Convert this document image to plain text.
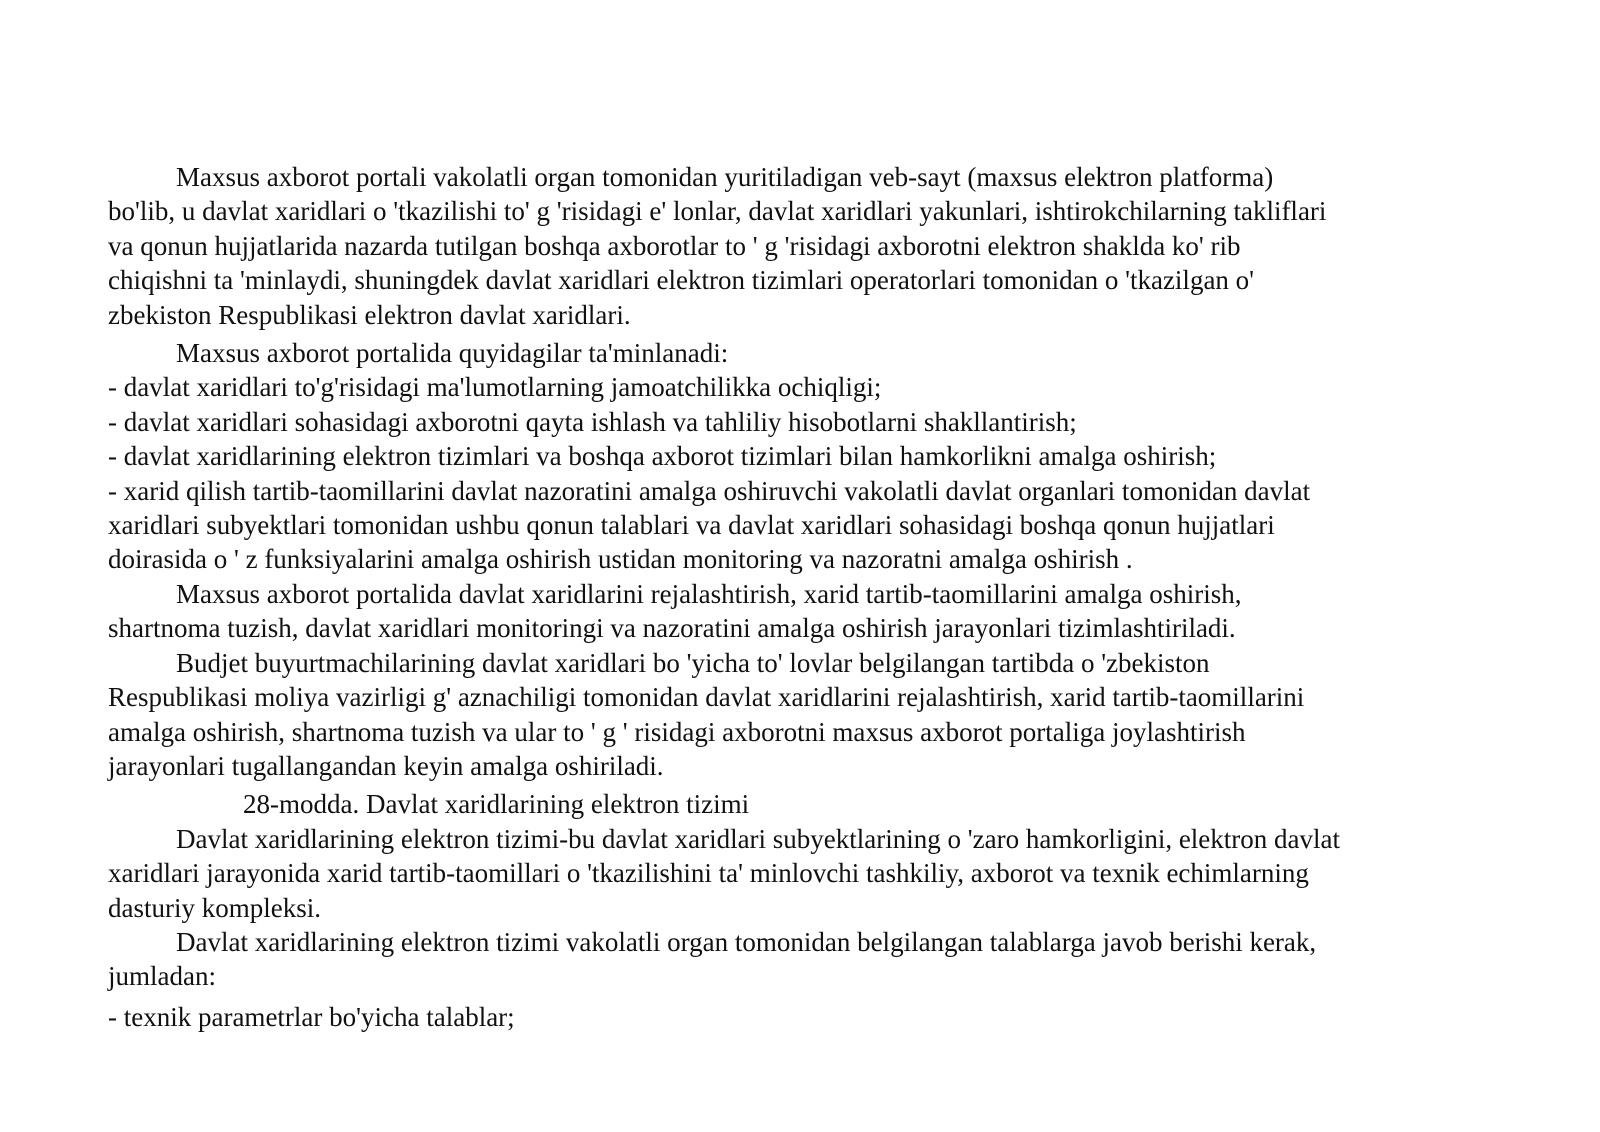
Maxsus axborot portali vakolatli organ tomonidan yuritiladigan veb-sayt (maxsus elektron platforma)
bo'lib, u davlat xaridlari o 'tkazilishi to' g 'risidagi e' lonlar, davlat xaridlari yakunlari, ishtirokchilarning takliflari
va qonun hujjatlarida nazarda tutilgan boshqa axborotlar to ' g 'risidagi axborotni elektron shaklda ko' rib
chiqishni ta 'minlaydi, shuningdek davlat xaridlari elektron tizimlari operatorlari tomonidan o 'tkazilgan o'
zbekiston Respublikasi elektron davlat xaridlari.
Maxsus axborot portalida quyidagilar ta'minlanadi:
- davlat xaridlari to'g'risidagi ma'lumotlarning jamoatchilikka ochiqligi;
- davlat xaridlari sohasidagi axborotni qayta ishlash va tahliliy hisobotlarni shakllantirish;
- davlat xaridlarining elektron tizimlari va boshqa axborot tizimlari bilan hamkorlikni amalga oshirish;
- xarid qilish tartib-taomillarini davlat nazoratini amalga oshiruvchi vakolatli davlat organlari tomonidan davlat
xaridlari subyektlari tomonidan ushbu qonun talablari va davlat xaridlari sohasidagi boshqa qonun hujjatlari
doirasida o ' z funksiyalarini amalga oshirish ustidan monitoring va nazoratni amalga oshirish .
Maxsus axborot portalida davlat xaridlarini rejalashtirish, xarid tartib-taomillarini amalga oshirish,
shartnoma tuzish, davlat xaridlari monitoringi va nazoratini amalga oshirish jarayonlari tizimlashtiriladi.
Budjet buyurtmachilarining davlat xaridlari bo 'yicha to' lovlar belgilangan tartibda o 'zbekiston
Respublikasi moliya vazirligi g' aznachiligi tomonidan davlat xaridlarini rejalashtirish, xarid tartib-taomillarini
amalga oshirish, shartnoma tuzish va ular to ' g ' risidagi axborotni maxsus axborot portaliga joylashtirish
jarayonlari tugallangandan keyin amalga oshiriladi.
28-modda. Davlat xaridlarining elektron tizimi
Davlat xaridlarining elektron tizimi-bu davlat xaridlari subyektlarining o 'zaro hamkorligini, elektron davlat
xaridlari jarayonida xarid tartib-taomillari o 'tkazilishini ta' minlovchi tashkiliy, axborot va texnik echimlarning
dasturiy kompleksi.
Davlat xaridlarining elektron tizimi vakolatli organ tomonidan belgilangan talablarga javob berishi kerak,
jumladan:
- texnik parametrlar bo'yicha talablar;
